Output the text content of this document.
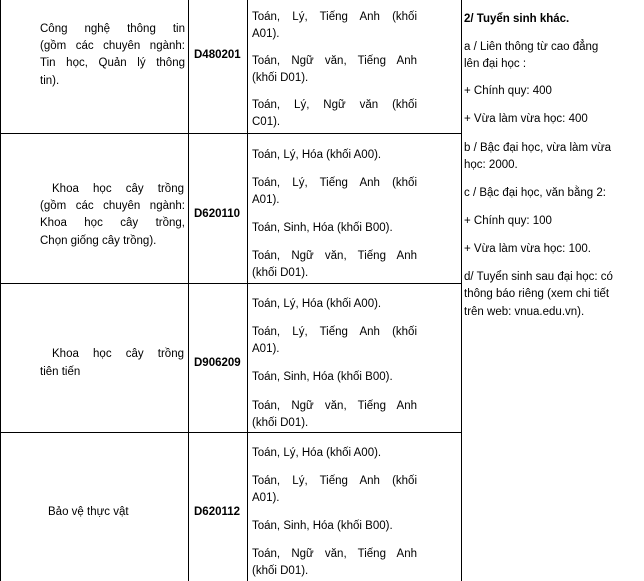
Công nghệ thông tin
(gồm các chuyên ngành:
Tin học, Quản lý thông
tin).
D480201
Toán, Lý, Tiếng Anh (khối
A01).
Toán, Ngữ văn, Tiếng Anh
(khối D01).
Toán, Lý, Ngữ văn (khối
C01).
Khoa học cây trồng
(gồm các chuyên ngành:
Khoa học cây trồng,
Chọn giống cây trồng).
D620110
Toán, Lý, Hóa (khối A00).
Toán, Lý, Tiếng Anh (khối
A01).
Toán, Sinh, Hóa (khối B00).
Toán, Ngữ văn, Tiếng Anh
(khối D01).
Khoa học cây trồng
tiên tiến
D906209
Toán, Lý, Hóa (khối A00).
Toán, Lý, Tiếng Anh (khối
A01).
Toán, Sinh, Hóa (khối B00).
Toán, Ngữ văn, Tiếng Anh
(khối D01).
Bảo vệ thực vật	D620112
Toán, Lý, Hóa (khối A00).
Toán, Lý, Tiếng Anh (khối
A01).
Toán, Sinh, Hóa (khối B00).
Toán, Ngữ văn, Tiếng Anh
(khối D01).
2/ Tuyển sinh khác.
a / Liên thông từ cao đẳng
lên đại học :
+ Chính quy: 400
+ Vừa làm vừa học: 400
b / Bậc đại học, vừa làm vừa
học: 2000.
c / Bậc đại học, văn bằng 2:
+ Chính quy: 100
+ Vừa làm vừa học: 100.
d/ Tuyển sinh sau đại học: có
thông báo riêng (xem chi tiết
trên web: vnua.edu.vn).
